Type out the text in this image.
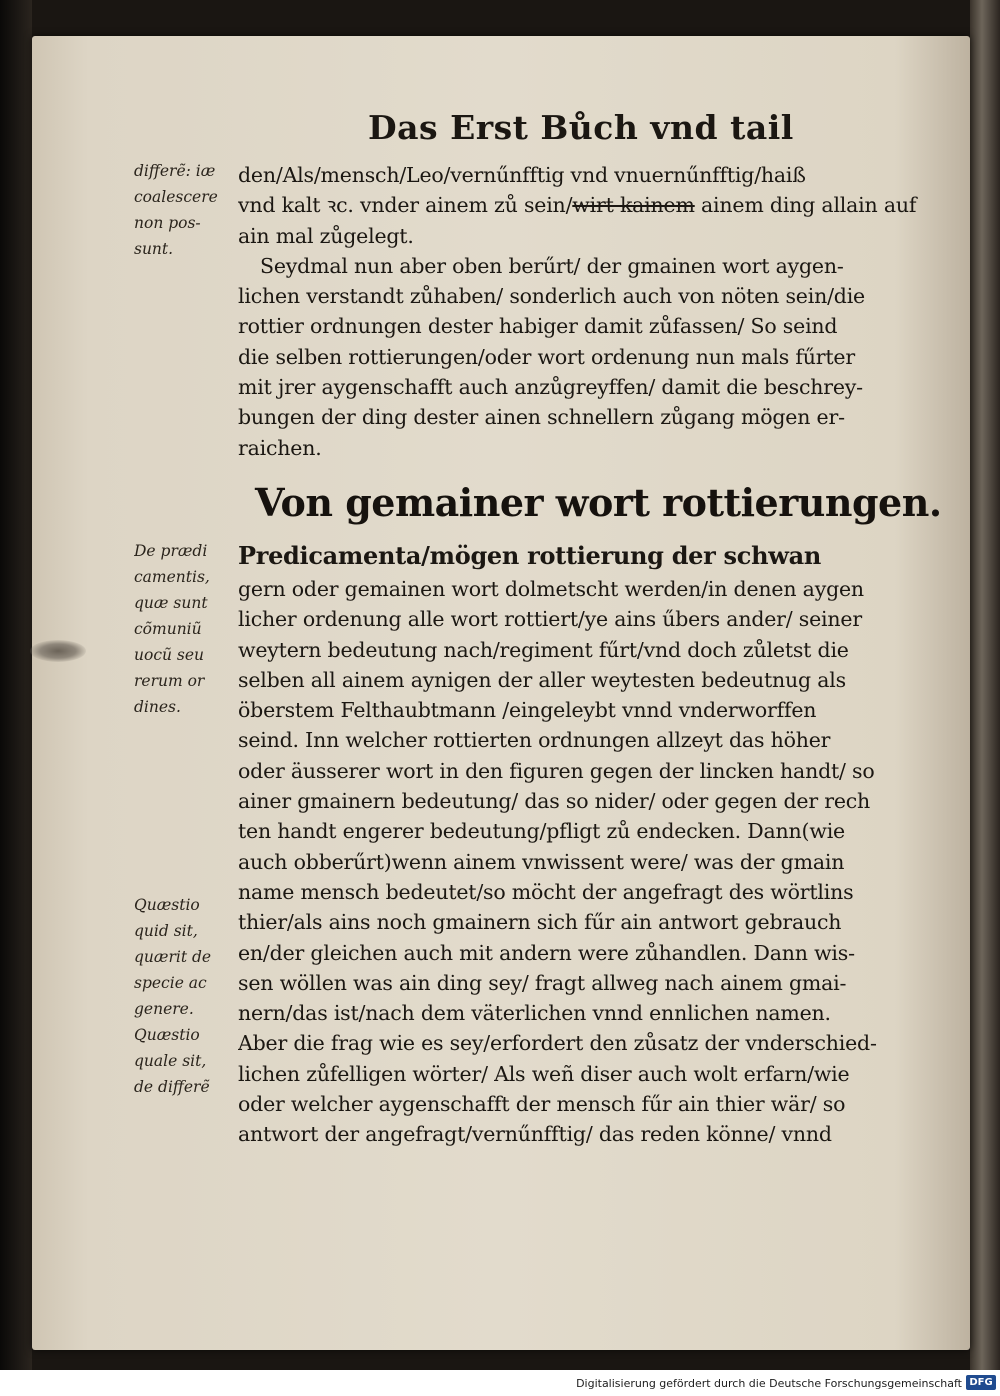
Das Erst Bůch vnd tail
differẽ: iæ
coalescere
non pos-
sunt.
De prædi
camentis,
quæ sunt
cõmuniũ
uocũ seu
rerum or
dines.
Quæstio
quid sit,
quærit de
specie ac
genere.
Quæstio
quale sit,
de differẽ
den/Als/mensch/Leo/vernűnfftig vnd vnuernűnfftig/haiß
vnd kalt ꝛc. vnder ainem zů sein/wirt kainem ainem ding allain auf
ain mal zůgelegt.
Seydmal nun aber oben berűrt/ der gmainen wort aygen-
lichen verstandt zůhaben/ sonderlich auch von nöten sein/die
rottier ordnungen dester habiger damit zůfassen/ So seind
die selben rottierungen/oder wort ordenung nun mals fűrter
mit jrer aygenschafft auch anzůgreyffen/ damit die beschrey-
bungen der ding dester ainen schnellern zůgang mögen er-
raichen.
Von gemainer wort rottierungen.
Predicamenta/mögen rottierung der schwan
gern oder gemainen wort dolmetscht werden/in denen aygen
licher ordenung alle wort rottiert/ye ains űbers ander/ seiner
weytern bedeutung nach/regiment fűrt/vnd doch zůletst die
selben all ainem aynigen der aller weytesten bedeutnug als
öberstem Felthaubtmann /eingeleybt vnnd vnderworffen
seind. Inn welcher rottierten ordnungen allzeyt das höher
oder äusserer wort in den figuren gegen der lincken handt/ so
ainer gmainern bedeutung/ das so nider/ oder gegen der rech
ten handt engerer bedeutung/pfligt zů endecken. Dann(wie
auch obberűrt)wenn ainem vnwissent were/ was der gmain
name mensch bedeutet/so möcht der angefragt des wörtlins
thier/als ains noch gmainern sich fűr ain antwort gebrauch
en/der gleichen auch mit andern were zůhandlen. Dann wis-
sen wöllen was ain ding sey/ fragt allweg nach ainem gmai-
nern/das ist/nach dem väterlichen vnnd ennlichen namen.
Aber die frag wie es sey/erfordert den zůsatz der vnderschied-
lichen zůfelligen wörter/ Als weñ diser auch wolt erfarn/wie
oder welcher aygenschafft der mensch fűr ain thier wär/ so
antwort der angefragt/vernűnfftig/ das reden könne/ vnnd
Digitalisierung gefördert durch die Deutsche Forschungsgemeinschaft DFG
